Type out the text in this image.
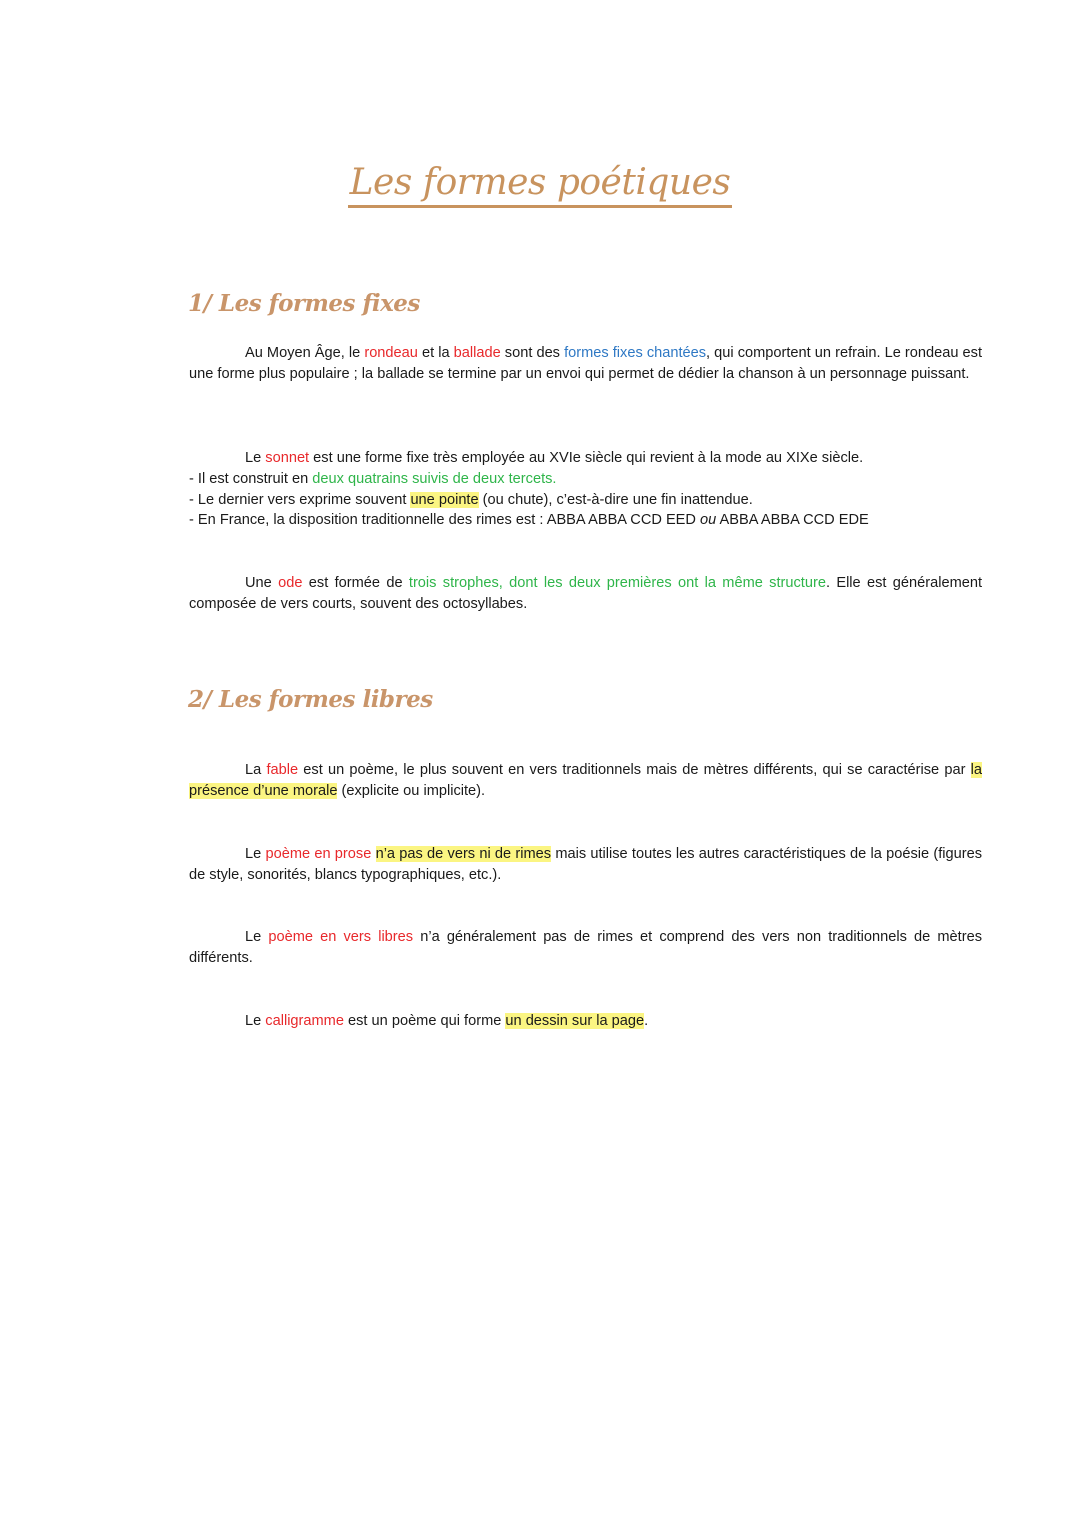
Les formes poétiques
1/ Les formes fixes
Au Moyen Âge, le rondeau et la ballade sont des formes fixes chantées, qui comportent un refrain. Le rondeau est une forme plus populaire ; la ballade se termine par un envoi qui permet de dédier la chanson à un personnage puissant.
Le sonnet est une forme fixe très employée au XVIe siècle qui revient à la mode au XIXe siècle.
- Il est construit en deux quatrains suivis de deux tercets.
- Le dernier vers exprime souvent une pointe (ou chute), c’est-à-dire une fin inattendue.
- En France, la disposition traditionnelle des rimes est : ABBA ABBA CCD EED ou ABBA ABBA CCD EDE
Une ode est formée de trois strophes, dont les deux premières ont la même structure. Elle est généralement composée de vers courts, souvent des octosyllabes.
2/ Les formes libres
La fable est un poème, le plus souvent en vers traditionnels mais de mètres différents, qui se caractérise par la présence d’une morale (explicite ou implicite).
Le poème en prose n’a pas de vers ni de rimes mais utilise toutes les autres caractéristiques de la poésie (figures de style, sonorités, blancs typographiques, etc.).
Le poème en vers libres n’a généralement pas de rimes et comprend des vers non traditionnels de mètres différents.
Le calligramme est un poème qui forme un dessin sur la page.
